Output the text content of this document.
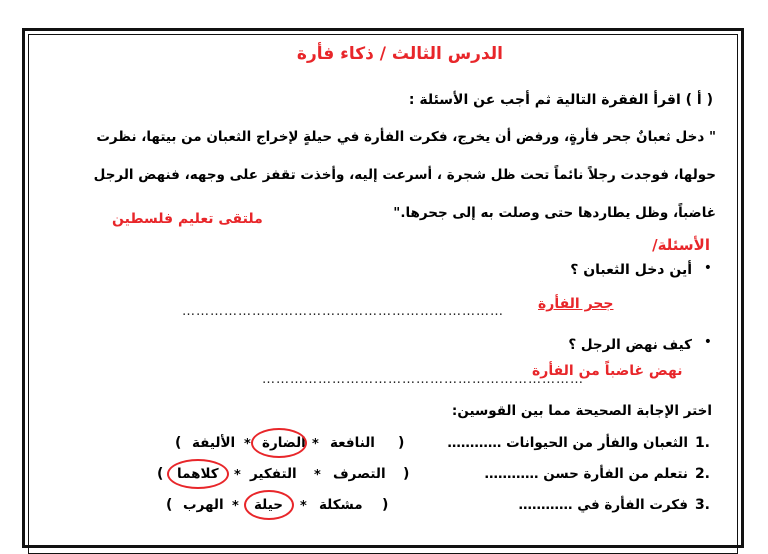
الدرس الثالث / ذكاء فأرة
( أ ) اقرأ الفقرة التالية ثم أجب عن الأسئلة :
" دخل ثعبانٌ جحر فأرةٍ، ورفض أن يخرج، فكرت الفأرة في حيلةٍ لإخراج الثعبان من بيتها، نظرت
حولها، فوجدت رجلاً نائماً تحت ظل شجرة ، أسرعت إليه، وأخذت تقفز على وجهه، فنهض الرجل
غاضباً، وظل يطاردها حتى وصلت به إلى جحرها."
ملتقى تعليم فلسطين
الأسئلة/
•
أين دخل الثعبان ؟
…………………………………………………………… جحر الفأرة
•
كيف نهض الرجل ؟
……………………………………………………………
نهض غاضباً من الفأرة
اختر الإجابة الصحيحة مما بين القوسين:
1.
الثعبان والفأر من الحيوانات …………
)
النافعة
*
الضارة
*
الأليفة
(
2.
نتعلم من الفأرة حسن …………
)
التصرف
*
التفكير
*
كلاهما
(
3.
فكرت الفأرة في …………
)
مشكلة
*
حيلة
*
الهرب
(
